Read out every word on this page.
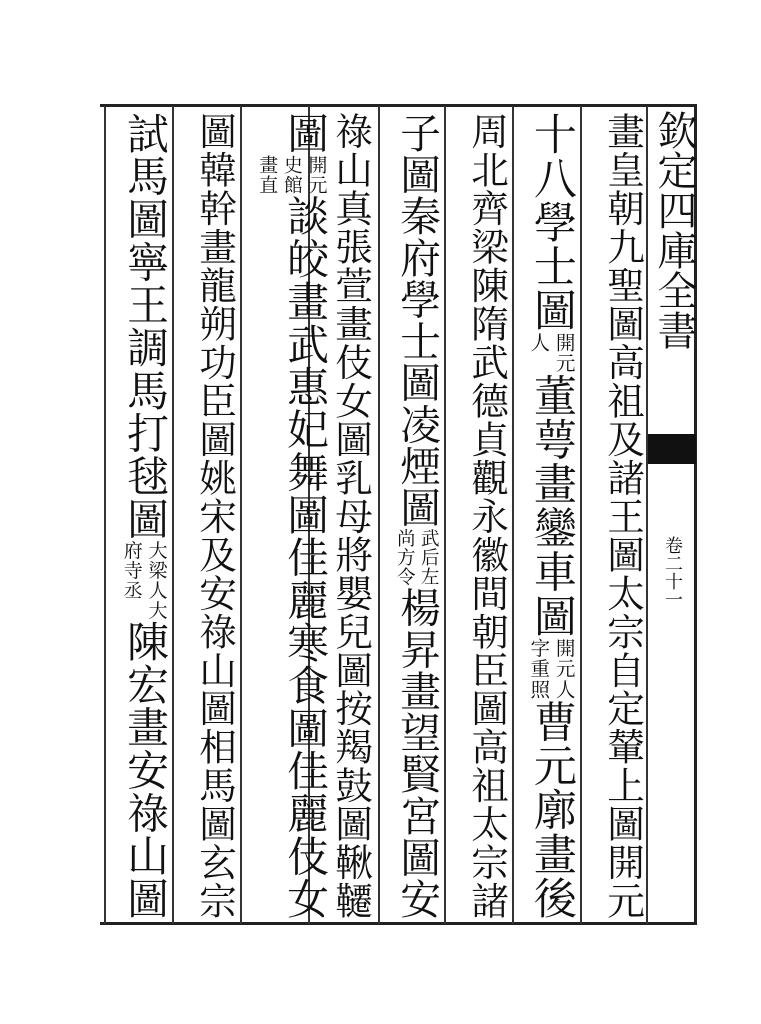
欽定四庫全書
卷二十一
畫皇朝九聖圖高祖及諸王圖太宗自定輦上圖開元
十八學士圖
開元
人
董萼畫鑾車圖
開元人
字重照
曹元廓畫後
周北齊梁陳隋武德貞觀永徽間朝臣圖高祖太宗諸
子圖秦府學士圖凌煙圖
武后左
尚方令
楊昇畫望賢宮圖安
祿山真張萱畫伎女圖乳母將嬰兒圖按羯鼓圖鞦韆
圖
開元
史館
畫直
談皎畫武惠妃舞圖佳麗寒食圖佳麗伎女
圖韓幹畫龍朔功臣圖姚宋及安祿山圖相馬圖玄宗
試馬圖寧王調馬打毬圖
大梁人大
府寺丞
陳宏畫安祿山圖
